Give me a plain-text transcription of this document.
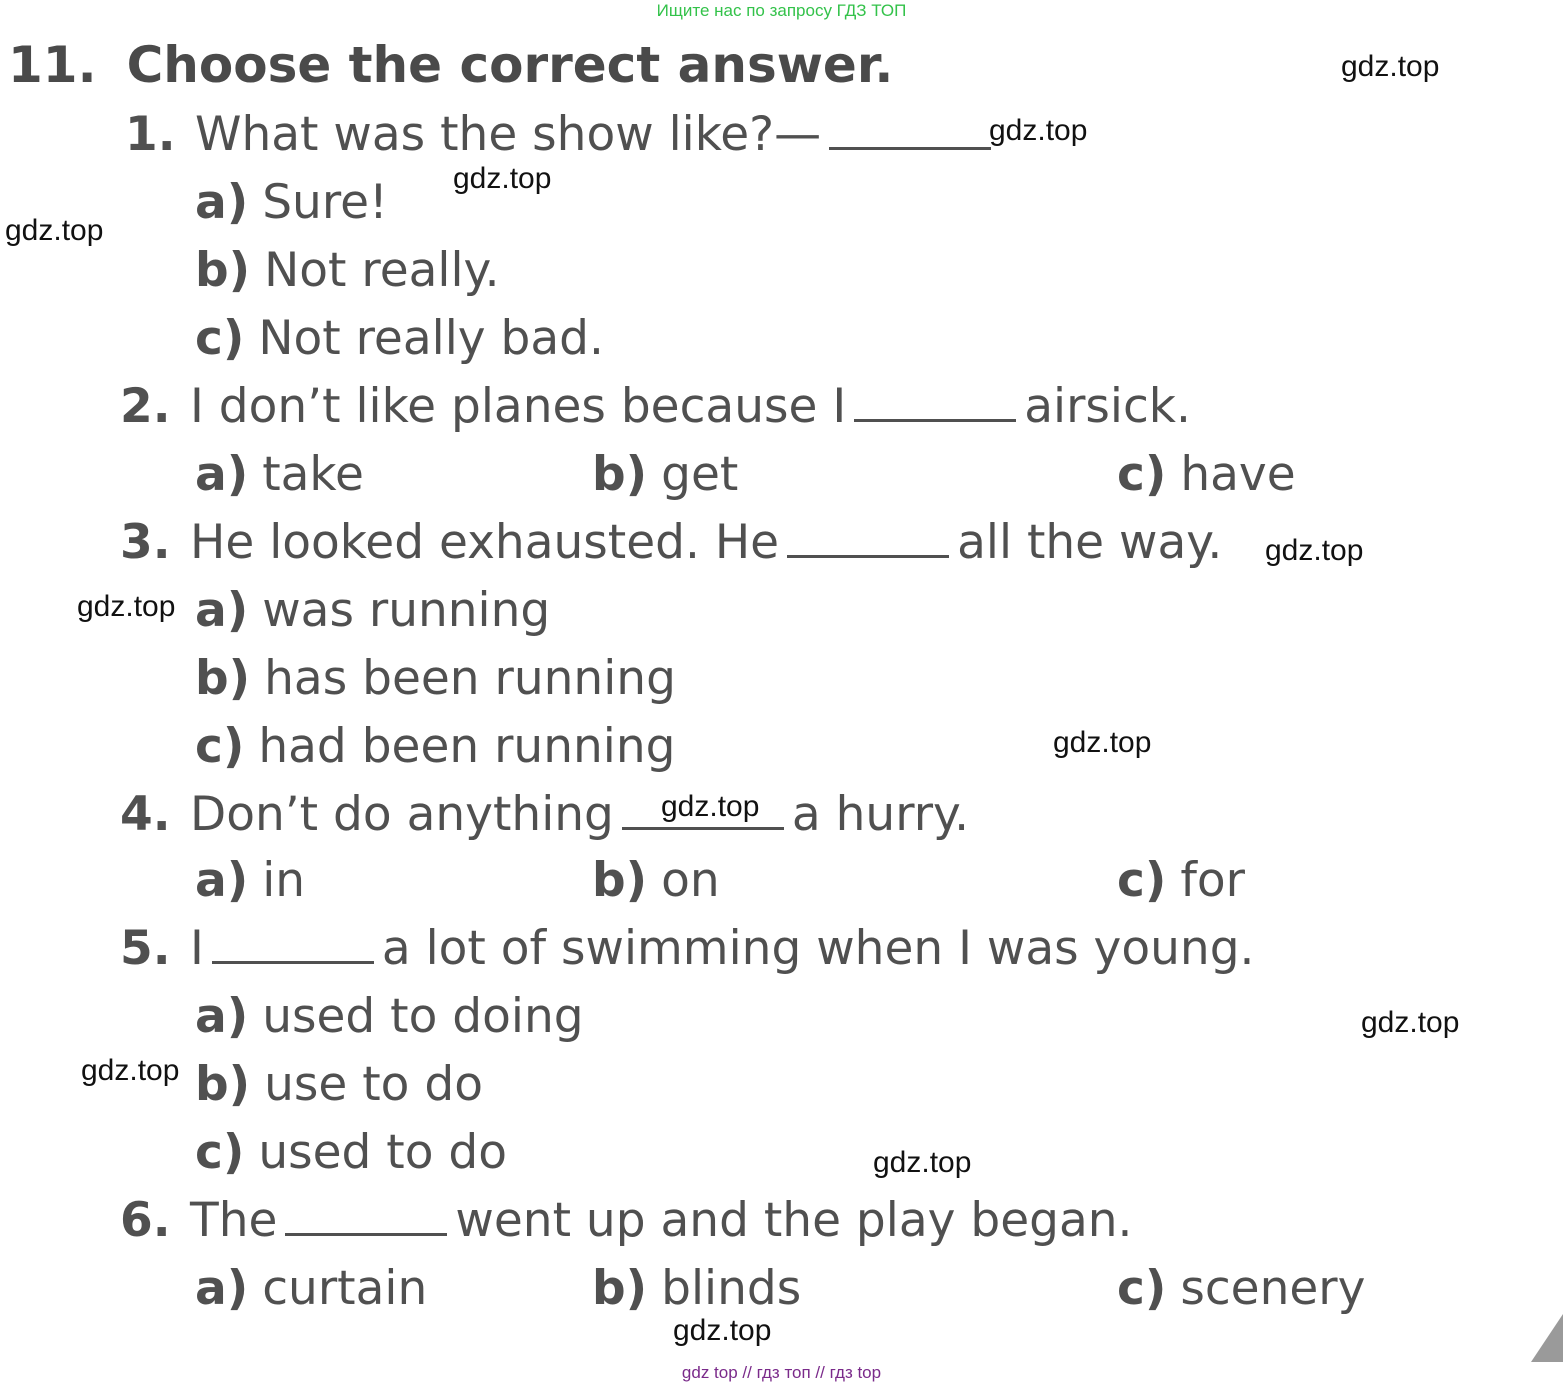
Ищите нас по запросу ГДЗ ТОП
11. Choose the correct answer.
1. What was the show like?—
a) Sure!
b) Not really.
c) Not really bad.
2. I don’t like planes because I	airsick.
a) take	b) get	c) have
3. He looked exhausted. He	all the way.
a) was running
b) has been running
c) had been running
4. Don’t do anything	a hurry.
a) in	b) on	c) for
5. I	a lot of swimming when I was young.
a) used to doing
b) use to do
c) used to do
6. The	went up and the play began.
a) curtain	b) blinds	c) scenery
gdz.top
gdz.top
gdz.top
gdz.top
gdz.top
gdz.top
gdz.top
gdz.top
gdz.top
gdz.top
gdz.top
gdz.top
gdz top // гдз топ // гдз top
